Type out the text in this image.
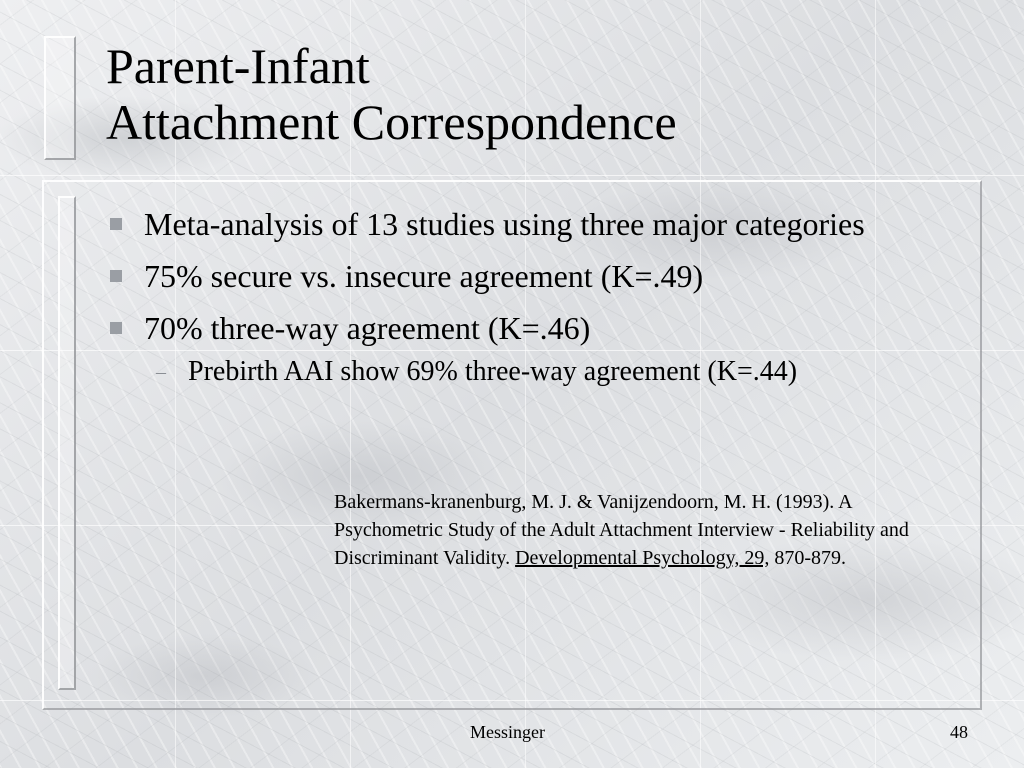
Parent-Infant
Attachment Correspondence
Meta-analysis of 13 studies using three major categories
75% secure vs. insecure agreement (K=.49)
70% three-way agreement (K=.46)
– Prebirth AAI show 69% three-way agreement (K=.44)
Bakermans-kranenburg, M. J. & Vanijzendoorn, M. H. (1993). A Psychometric Study of the Adult Attachment Interview - Reliability and Discriminant Validity. Developmental Psychology, 29, 870-879.
Messinger	48
